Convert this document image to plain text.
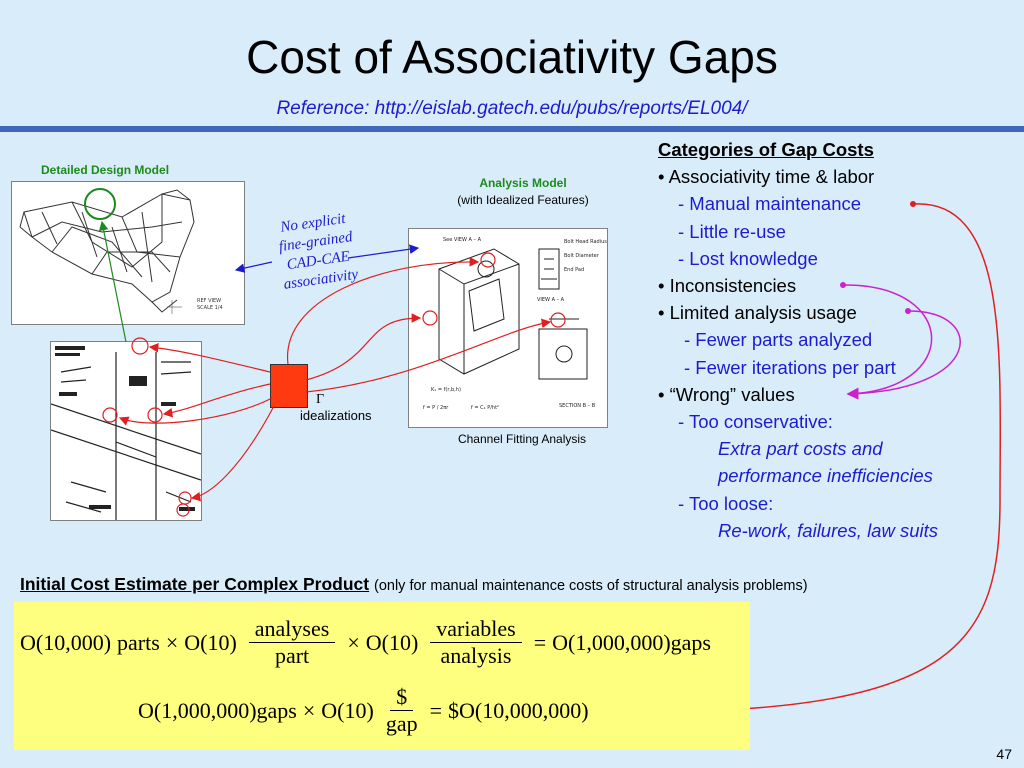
Cost of Associativity Gaps
Reference: http://eislab.gatech.edu/pubs/reports/EL004/
Detailed Design Model
REF VIEW
SCALE 1/4
Analysis Model
(with Idealized Features)
See VIEW A – A	Bolt Head Radius
Bolt Diameter
End Pad
VIEW A – A
SECTION B – B
K₁ = f(r,b,h)
f = P / 2πr	f = C₁ P/ht²
Channel Fitting Analysis
Γ
idealizations
No explicit
fine-grained
CAD-CAE
associativity
Categories of Gap Costs
• Associativity time & labor
- Manual maintenance
- Little re-use
- Lost knowledge
• Inconsistencies
• Limited analysis usage
- Fewer parts analyzed
- Fewer iterations per part
• “Wrong” values
- Too conservative:
Extra part costs and
performance inefficiencies
- Too loose:
Re-work, failures, law suits
Initial Cost Estimate per Complex Product (only for manual maintenance costs of structural analysis problems)
O(10,000) parts × O(10)
analyses
part
× O(10)
variables
analysis
= O(1,000,000) gaps
O(1,000,000) gaps × O(10)
$
gap
= $O(10,000,000)
47
